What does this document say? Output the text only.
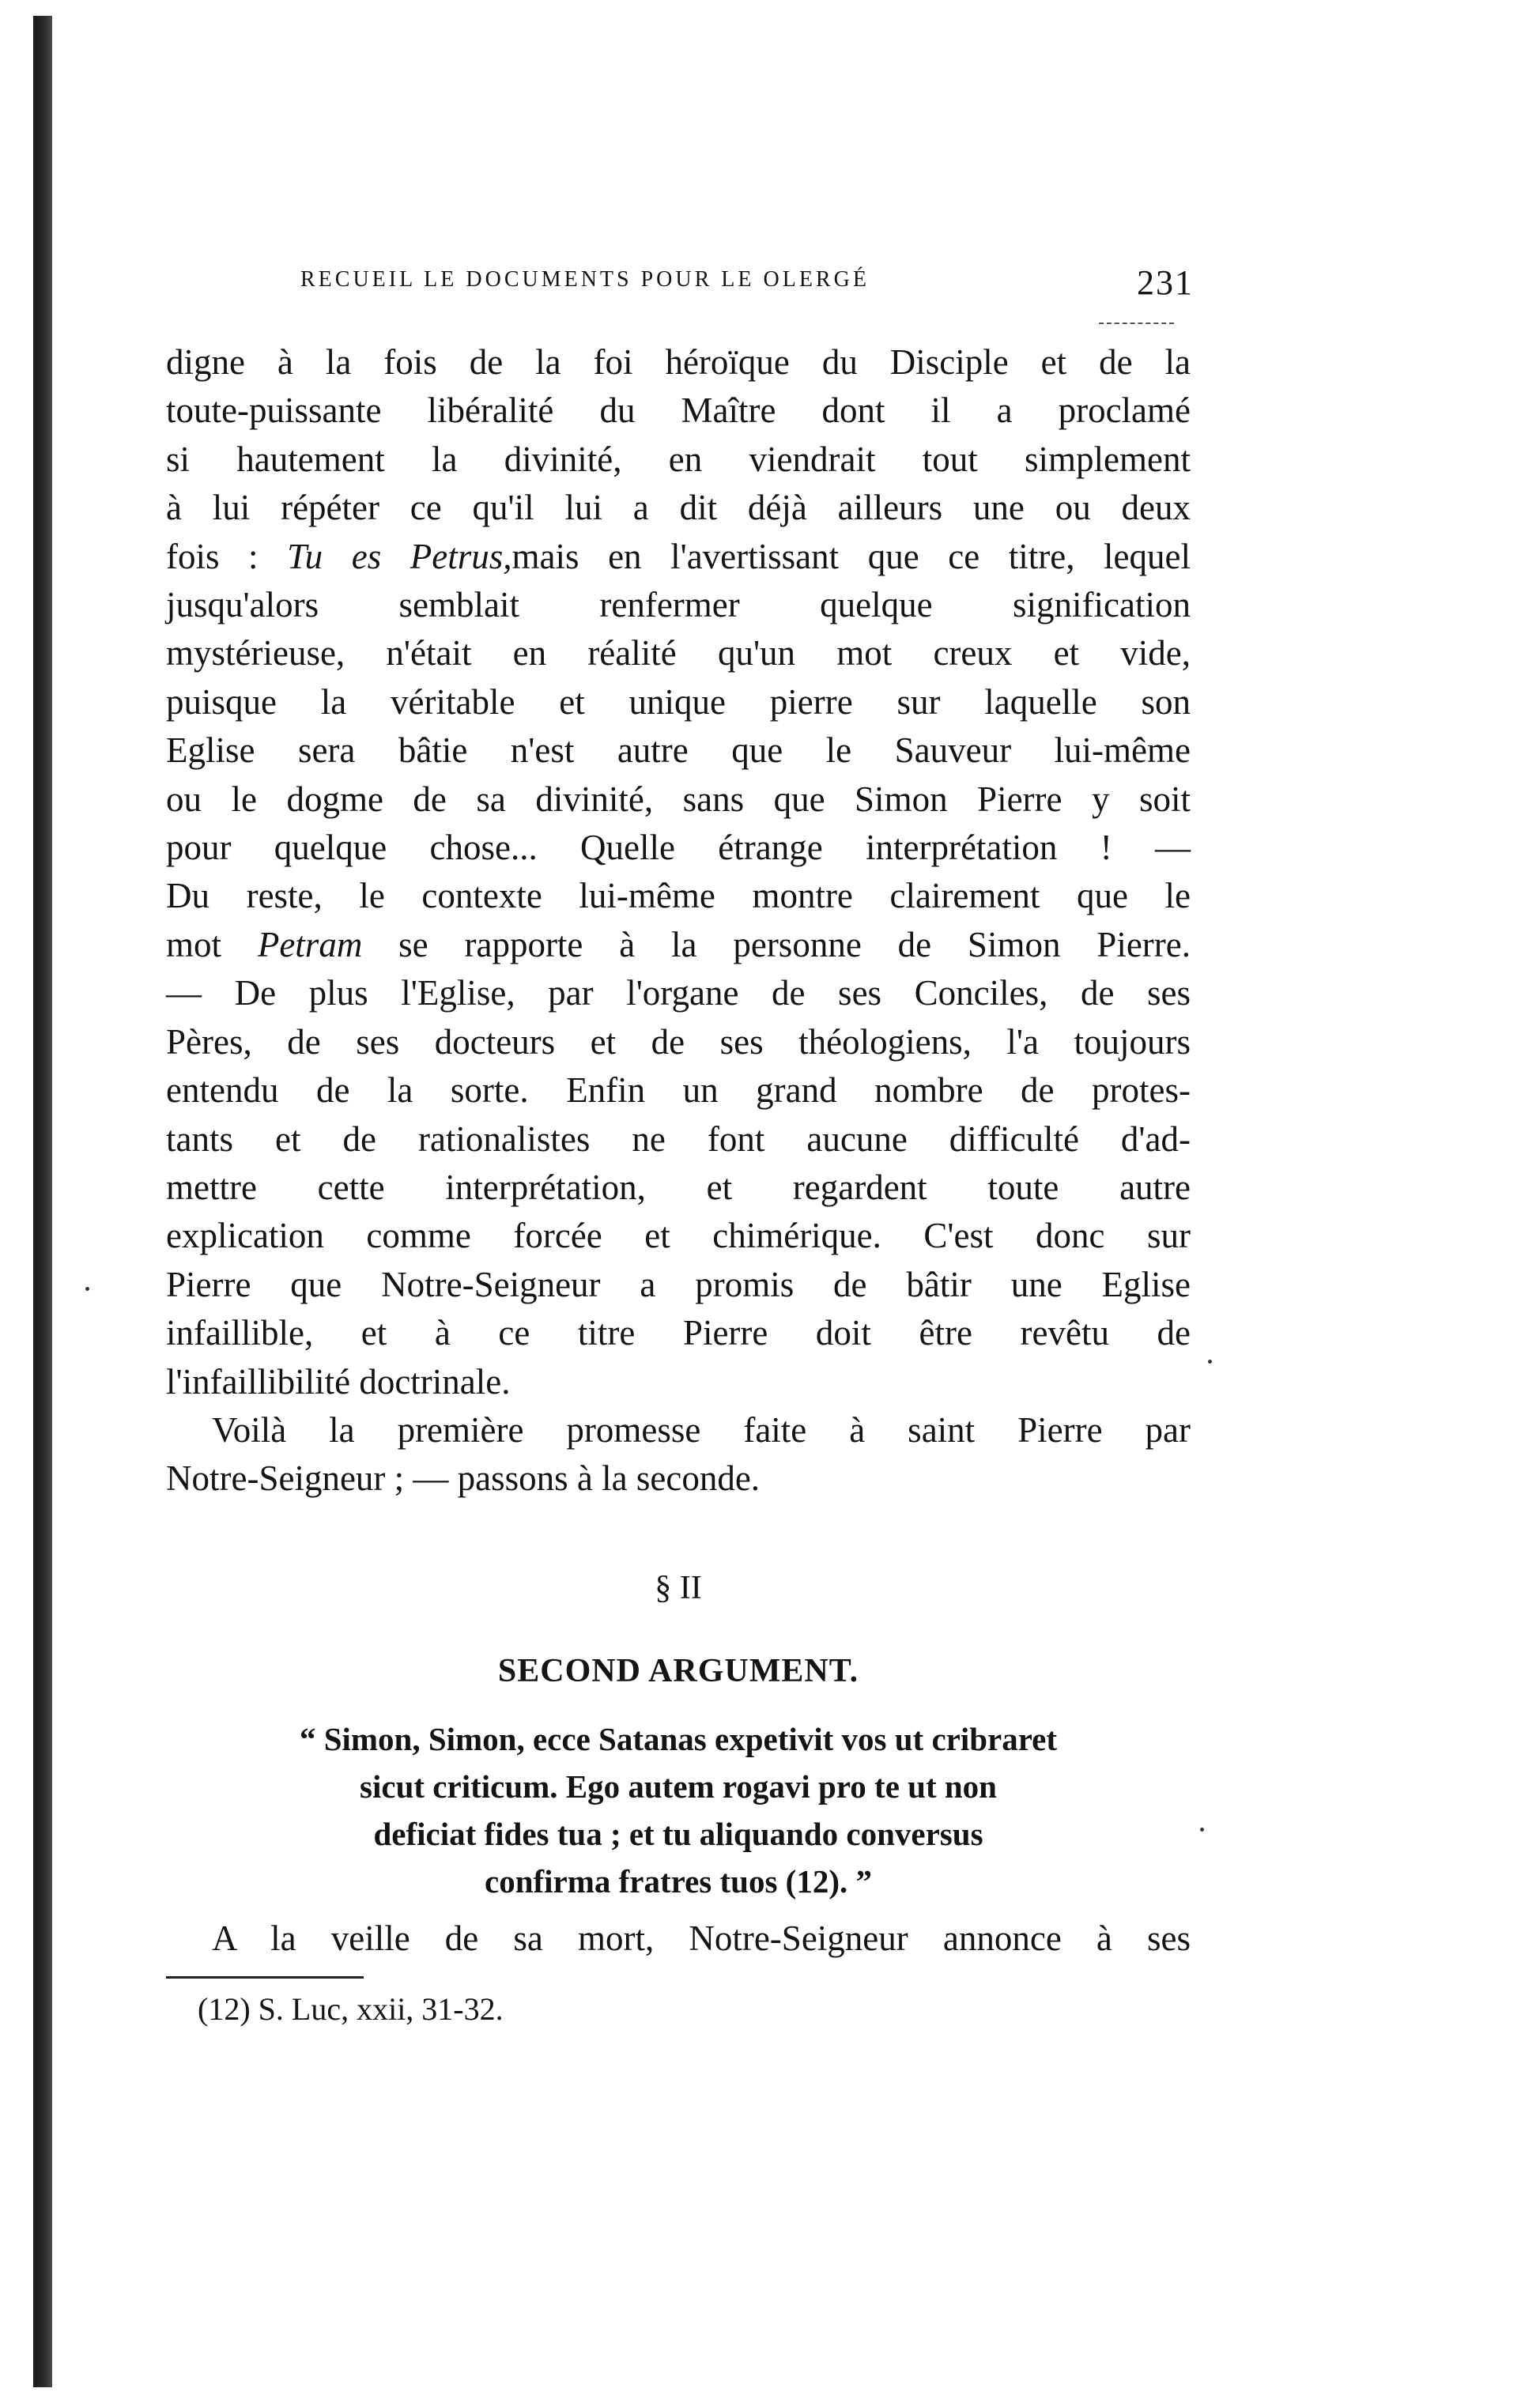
RECUEIL LE DOCUMENTS POUR LE OLERGÉ	231
digne à la fois de la foi héroïque du Disciple et de la
toute-puissante libéralité du Maître dont il a proclamé
si hautement la divinité, en viendrait tout simplement
à lui répéter ce qu'il lui a dit déjà ailleurs une ou deux
fois : Tu es Petrus,mais en l'avertissant que ce titre, lequel
jusqu'alors semblait renfermer quelque signification
mystérieuse, n'était en réalité qu'un mot creux et vide,
puisque la véritable et unique pierre sur laquelle son
Eglise sera bâtie n'est autre que le Sauveur lui-même
ou le dogme de sa divinité, sans que Simon Pierre y soit
pour quelque chose... Quelle étrange interprétation ! —
Du reste, le contexte lui-même montre clairement que le
mot Petram se rapporte à la personne de Simon Pierre.
— De plus l'Eglise, par l'organe de ses Conciles, de ses
Pères, de ses docteurs et de ses théologiens, l'a toujours
entendu de la sorte. Enfin un grand nombre de protes-
tants et de rationalistes ne font aucune difficulté d'ad-
mettre cette interprétation, et regardent toute autre
explication comme forcée et chimérique. C'est donc sur
Pierre que Notre-Seigneur a promis de bâtir une Eglise
infaillible, et à ce titre Pierre doit être revêtu de
l'infaillibilité doctrinale.
Voilà la première promesse faite à saint Pierre par
Notre-Seigneur ; — passons à la seconde.
§ II
SECOND ARGUMENT.
“ Simon, Simon, ecce Satanas expetivit vos ut cribraret
sicut criticum. Ego autem rogavi pro te ut non
deficiat fides tua ; et tu aliquando conversus
confirma fratres tuos (12). ”
A la veille de sa mort, Notre-Seigneur annonce à ses
(12) S. Luc, xxii, 31-32.
